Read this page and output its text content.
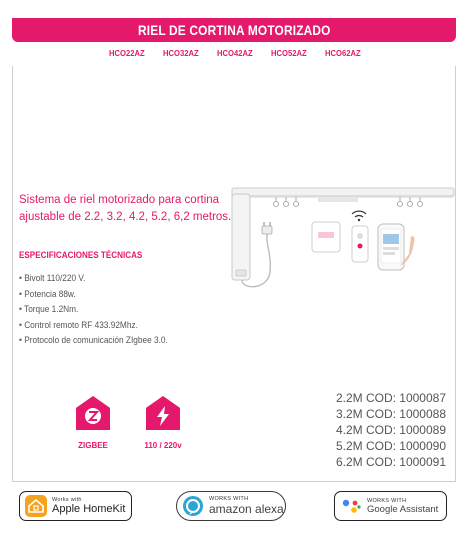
RIEL DE CORTINA MOTORIZADO
HCO22AZ HCO32AZ HCO42AZ HCO52AZ HCO62AZ
Sistema de riel motorizado para cortina
ajustable de 2.2, 3.2, 4.2, 5.2, 6,2 metros.
ESPECIFICACIONES TÉCNICAS
• Bivolt 110/220 V.
• Potencia 88w.
• Torque 1.2Nm.
• Control remoto RF 433.92Mhz.
• Protocolo de comunicación ZIgbee 3.0.
ZIGBEE	110 / 220v
2.2M COD: 1000087
3.2M COD: 1000088
4.2M COD: 1000089
5.2M COD: 1000090
6.2M COD: 1000091
Works with
Apple HomeKit
WORKS WITH
amazon alexa
WORKS WITH
Google Assistant
